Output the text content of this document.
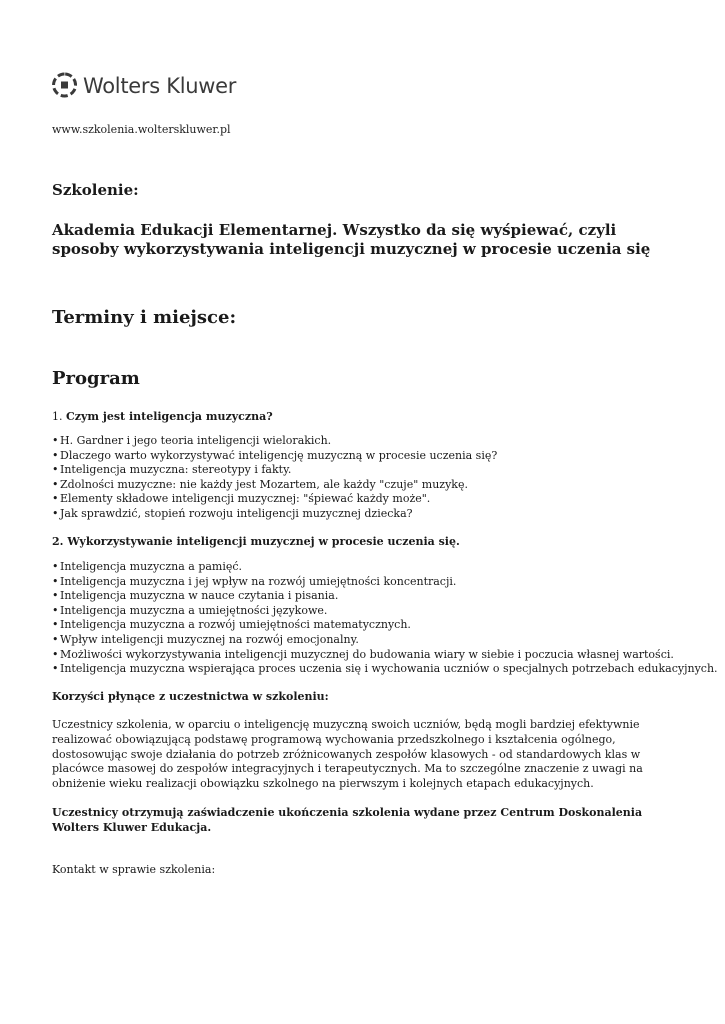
Wolters Kluwer
www.szkolenia.wolterskluwer.pl
Szkolenie:
Akademia Edukacji Elementarnej. Wszystko da się wyśpiewać, czyli sposoby wykorzystywania inteligencji muzycznej w procesie uczenia się
Terminy i miejsce:
Program
1. Czym jest inteligencja muzyczna?
• H. Gardner i jego teoria inteligencji wielorakich.
• Dlaczego warto wykorzystywać inteligencję muzyczną w procesie uczenia się?
• Inteligencja muzyczna: stereotypy i fakty.
• Zdolności muzyczne: nie każdy jest Mozartem, ale każdy "czuje" muzykę.
• Elementy składowe inteligencji muzycznej: "śpiewać każdy może".
• Jak sprawdzić, stopień rozwoju inteligencji muzycznej dziecka?
2. Wykorzystywanie inteligencji muzycznej w procesie uczenia się.
• Inteligencja muzyczna a pamięć.
• Inteligencja muzyczna i jej wpływ na rozwój umiejętności koncentracji.
• Inteligencja muzyczna w nauce czytania i pisania.
• Inteligencja muzyczna a umiejętności językowe.
• Inteligencja muzyczna a rozwój umiejętności matematycznych.
• Wpływ inteligencji muzycznej na rozwój emocjonalny.
• Możliwości wykorzystywania inteligencji muzycznej do budowania wiary w siebie i poczucia własnej wartości.
• Inteligencja muzyczna wspierająca proces uczenia się i wychowania uczniów o specjalnych potrzebach edukacyjnych.
Korzyści płynące z uczestnictwa w szkoleniu:
Uczestnicy szkolenia, w oparciu o inteligencję muzyczną swoich uczniów, będą mogli bardziej efektywnie realizować obowiązującą podstawę programową wychowania przedszkolnego i kształcenia ogólnego, dostosowując swoje działania do potrzeb zróżnicowanych zespołów klasowych - od standardowych klas w placówce masowej do zespołów integracyjnych i terapeutycznych. Ma to szczególne znaczenie z uwagi na obniżenie wieku realizacji obowiązku szkolnego na pierwszym i kolejnych etapach edukacyjnych.
Uczestnicy otrzymują zaświadczenie ukończenia szkolenia wydane przez Centrum Doskonalenia Wolters Kluwer Edukacja.
Kontakt w sprawie szkolenia:
